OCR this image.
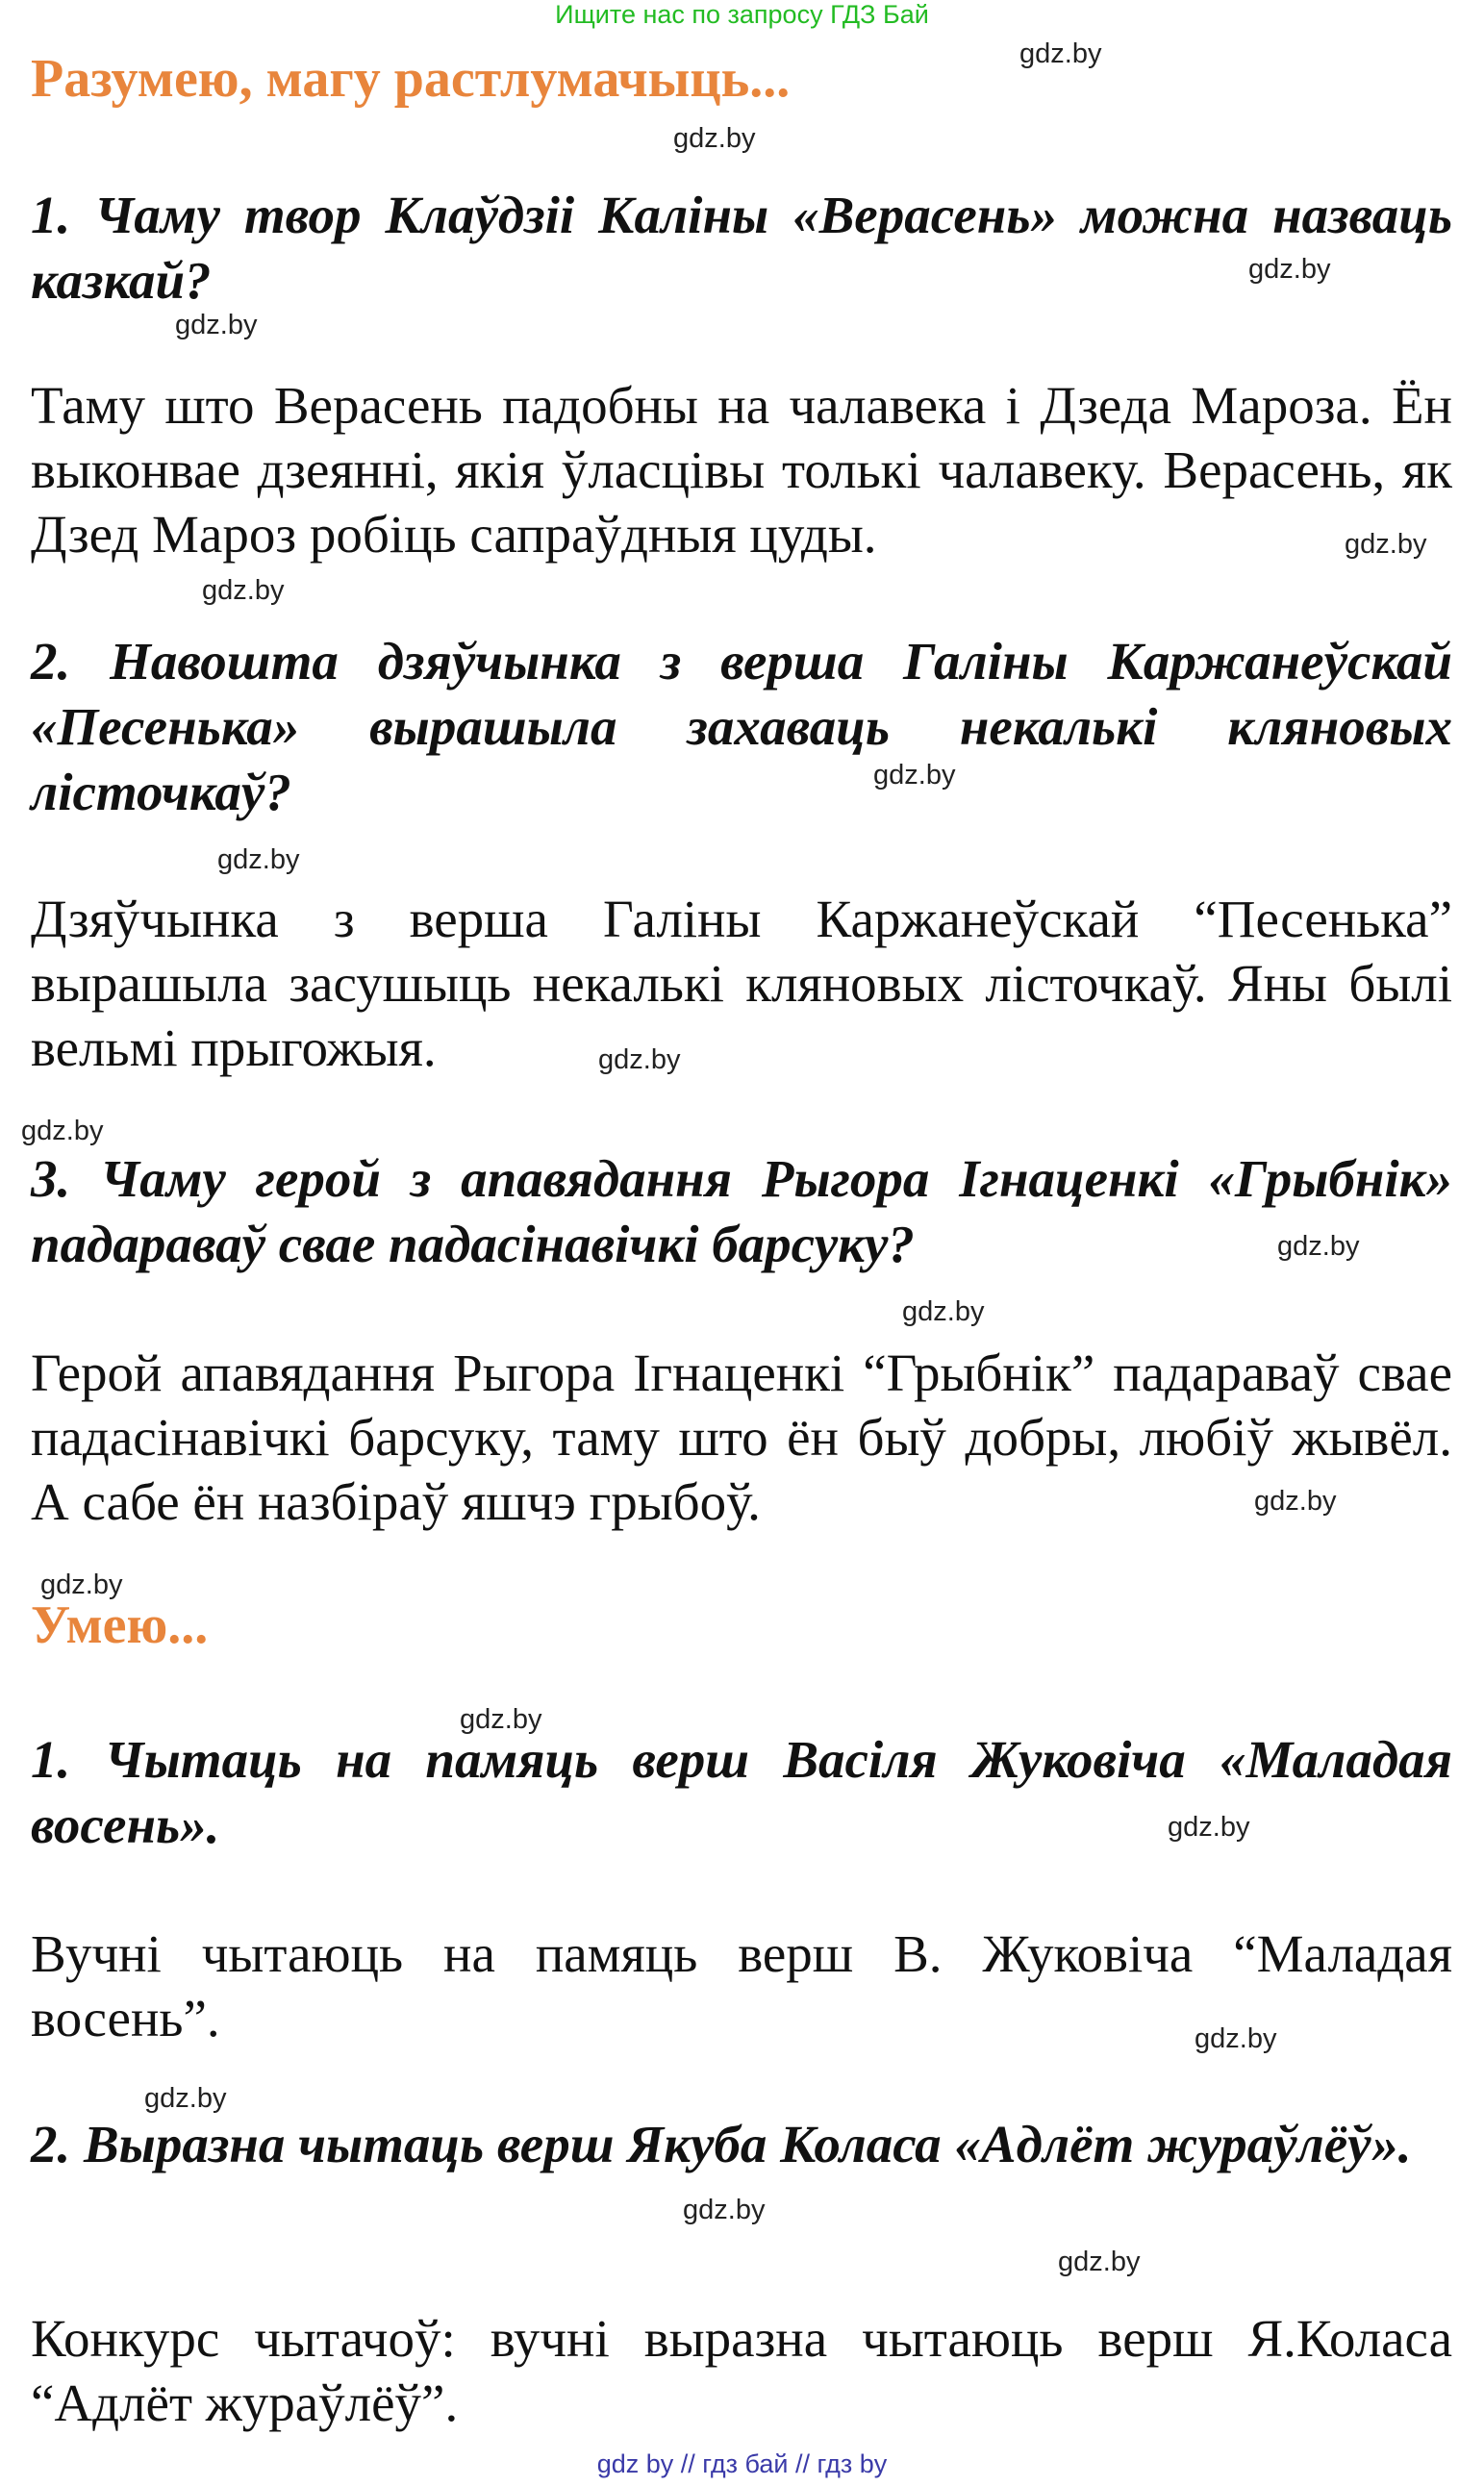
Ищите нас по запросу ГДЗ Бай
Разумею, магу растлумачыць...

1. Чаму твор Клаўдзіі Каліны «Верасень» можна назваць казкай?

Таму што Верасень падобны на чалавека і Дзеда Мароза. Ён выконвае дзеянні, якія ўласцівы толькі чалавеку. Верасень, як Дзед Мароз робіць сапраўдныя цуды.

2. Навошта дзяўчынка з верша Галіны Каржанеўскай «Песенька» вырашыла захаваць некалькі кляновых лісточкаў?

Дзяўчынка з верша Галіны Каржанеўскай “Песенька” вырашыла засушыць некалькі кляновых лісточкаў. Яны былі вельмі прыгожыя.

3. Чаму герой з апавядання Рыгора Ігнаценкі «Грыбнік» падараваў свае падасінавічкі барсуку?

Герой апавядання Рыгора Ігнаценкі “Грыбнік” падараваў свае падасінавічкі барсуку, таму што ён быў добры, любіў жывёл. А сабе ён назбіраў яшчэ грыбоў.

Умею...

1. Чытаць на памяць верш Васіля Жуковіча «Маладая восень».

Вучні чытаюць на памяць верш В. Жуковіча “Маладая восень”.

2. Выразна чытаць верш Якуба Коласа «Адлёт жураўлёў».

Конкурс чытачоў: вучні выразна чытаюць верш Я.Коласа “Адлёт жураўлёў”.

gdz.by
gdz.by
gdz.by
gdz.by
gdz.by
gdz.by
gdz.by
gdz.by
gdz.by
gdz.by
gdz.by
gdz.by
gdz.by
gdz.by
gdz.by
gdz.by
gdz.by
gdz.by
gdz.by
gdz.by
gdz by // гдз бай // гдз by
